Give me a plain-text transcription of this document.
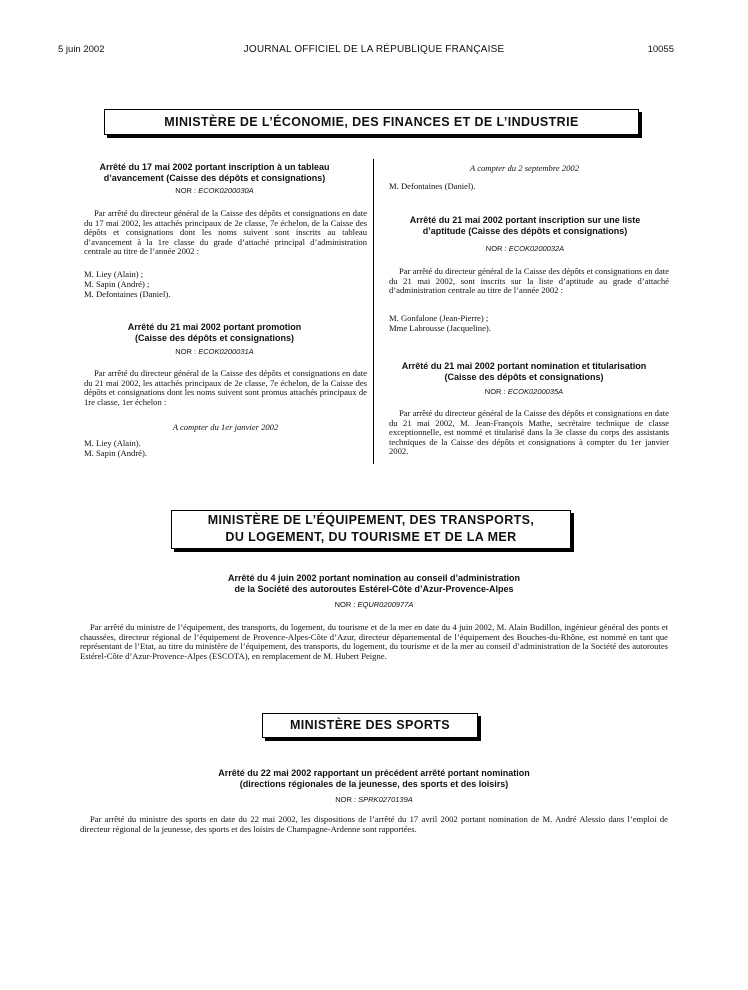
5 juin 2002	JOURNAL OFFICIEL DE LA RÉPUBLIQUE FRANÇAISE	10055
MINISTÈRE DE L’ÉCONOMIE, DES FINANCES ET DE L’INDUSTRIE
Arrêté du 17 mai 2002 portant inscription à un tableau
d’avancement (Caisse des dépôts et consignations)
NOR : ECOK0200030A
Par arrêté du directeur général de la Caisse des dépôts et consignations en date du 17 mai 2002, les attachés principaux de 2e classe, 7e échelon, de la Caisse des dépôts et consignations dont les noms suivent sont inscrits au tableau d’avancement à la 1re classe du grade d’attaché principal d’administration centrale au titre de l’année 2002 :
M. Liey (Alain) ;
M. Sapin (André) ;
M. Defontaines (Daniel).
Arrêté du 21 mai 2002 portant promotion
(Caisse des dépôts et consignations)
NOR : ECOK0200031A
Par arrêté du directeur général de la Caisse des dépôts et consignations en date du 21 mai 2002, les attachés principaux de 2e classe, 7e échelon, de la Caisse des dépôts et consignations dont les noms suivent sont promus attachés principaux de 1re classe, 1er échelon :
A compter du 1er janvier 2002
M. Liey (Alain).
M. Sapin (André).
A compter du 2 septembre 2002
M. Defontaines (Daniel).
Arrêté du 21 mai 2002 portant inscription sur une liste
d’aptitude (Caisse des dépôts et consignations)
NOR : ECOK0200032A
Par arrêté du directeur général de la Caisse des dépôts et consignations en date du 21 mai 2002, sont inscrits sur la liste d’aptitude au grade d’attaché d’administration centrale au titre de l’année 2002 :
M. Gonfalone (Jean-Pierre) ;
Mme Labrousse (Jacqueline).
Arrêté du 21 mai 2002 portant nomination et titularisation
(Caisse des dépôts et consignations)
NOR : ECOK0200035A
Par arrêté du directeur général de la Caisse des dépôts et consignations en date du 21 mai 2002, M. Jean-François Mathe, secrétaire technique de classe exceptionnelle, est nommé et titularisé dans la 3e classe du corps des assistants techniques de la Caisse des dépôts et consignations à compter du 1er janvier 2002.
MINISTÈRE DE L’ÉQUIPEMENT, DES TRANSPORTS,
DU LOGEMENT, DU TOURISME ET DE LA MER
Arrêté du 4 juin 2002 portant nomination au conseil d’administration
de la Société des autoroutes Estérel-Côte d’Azur-Provence-Alpes
NOR : EQUR0200977A
Par arrêté du ministre de l’équipement, des transports, du logement, du tourisme et de la mer en date du 4 juin 2002, M. Alain Budillon, ingénieur général des ponts et chaussées, directeur régional de l’équipement de Provence-Alpes-Côte d’Azur, directeur départemental de l’équipement des Bouches-du-Rhône, est nommé en tant que représentant de l’Etat, au titre du ministère de l’équipement, des transports, du logement, du tourisme et de la mer au conseil d’administration de la Société des autoroutes Estérel-Côte d’Azur-Provence-Alpes (ESCOTA), en remplacement de M. Hubert Peigne.
MINISTÈRE DES SPORTS
Arrêté du 22 mai 2002 rapportant un précédent arrêté portant nomination
(directions régionales de la jeunesse, des sports et des loisirs)
NOR : SPRK0270139A
Par arrêté du ministre des sports en date du 22 mai 2002, les dispositions de l’arrêté du 17 avril 2002 portant nomination de M. André Alessio dans l’emploi de directeur régional de la jeunesse, des sports et des loisirs de Champagne-Ardenne sont rapportées.
